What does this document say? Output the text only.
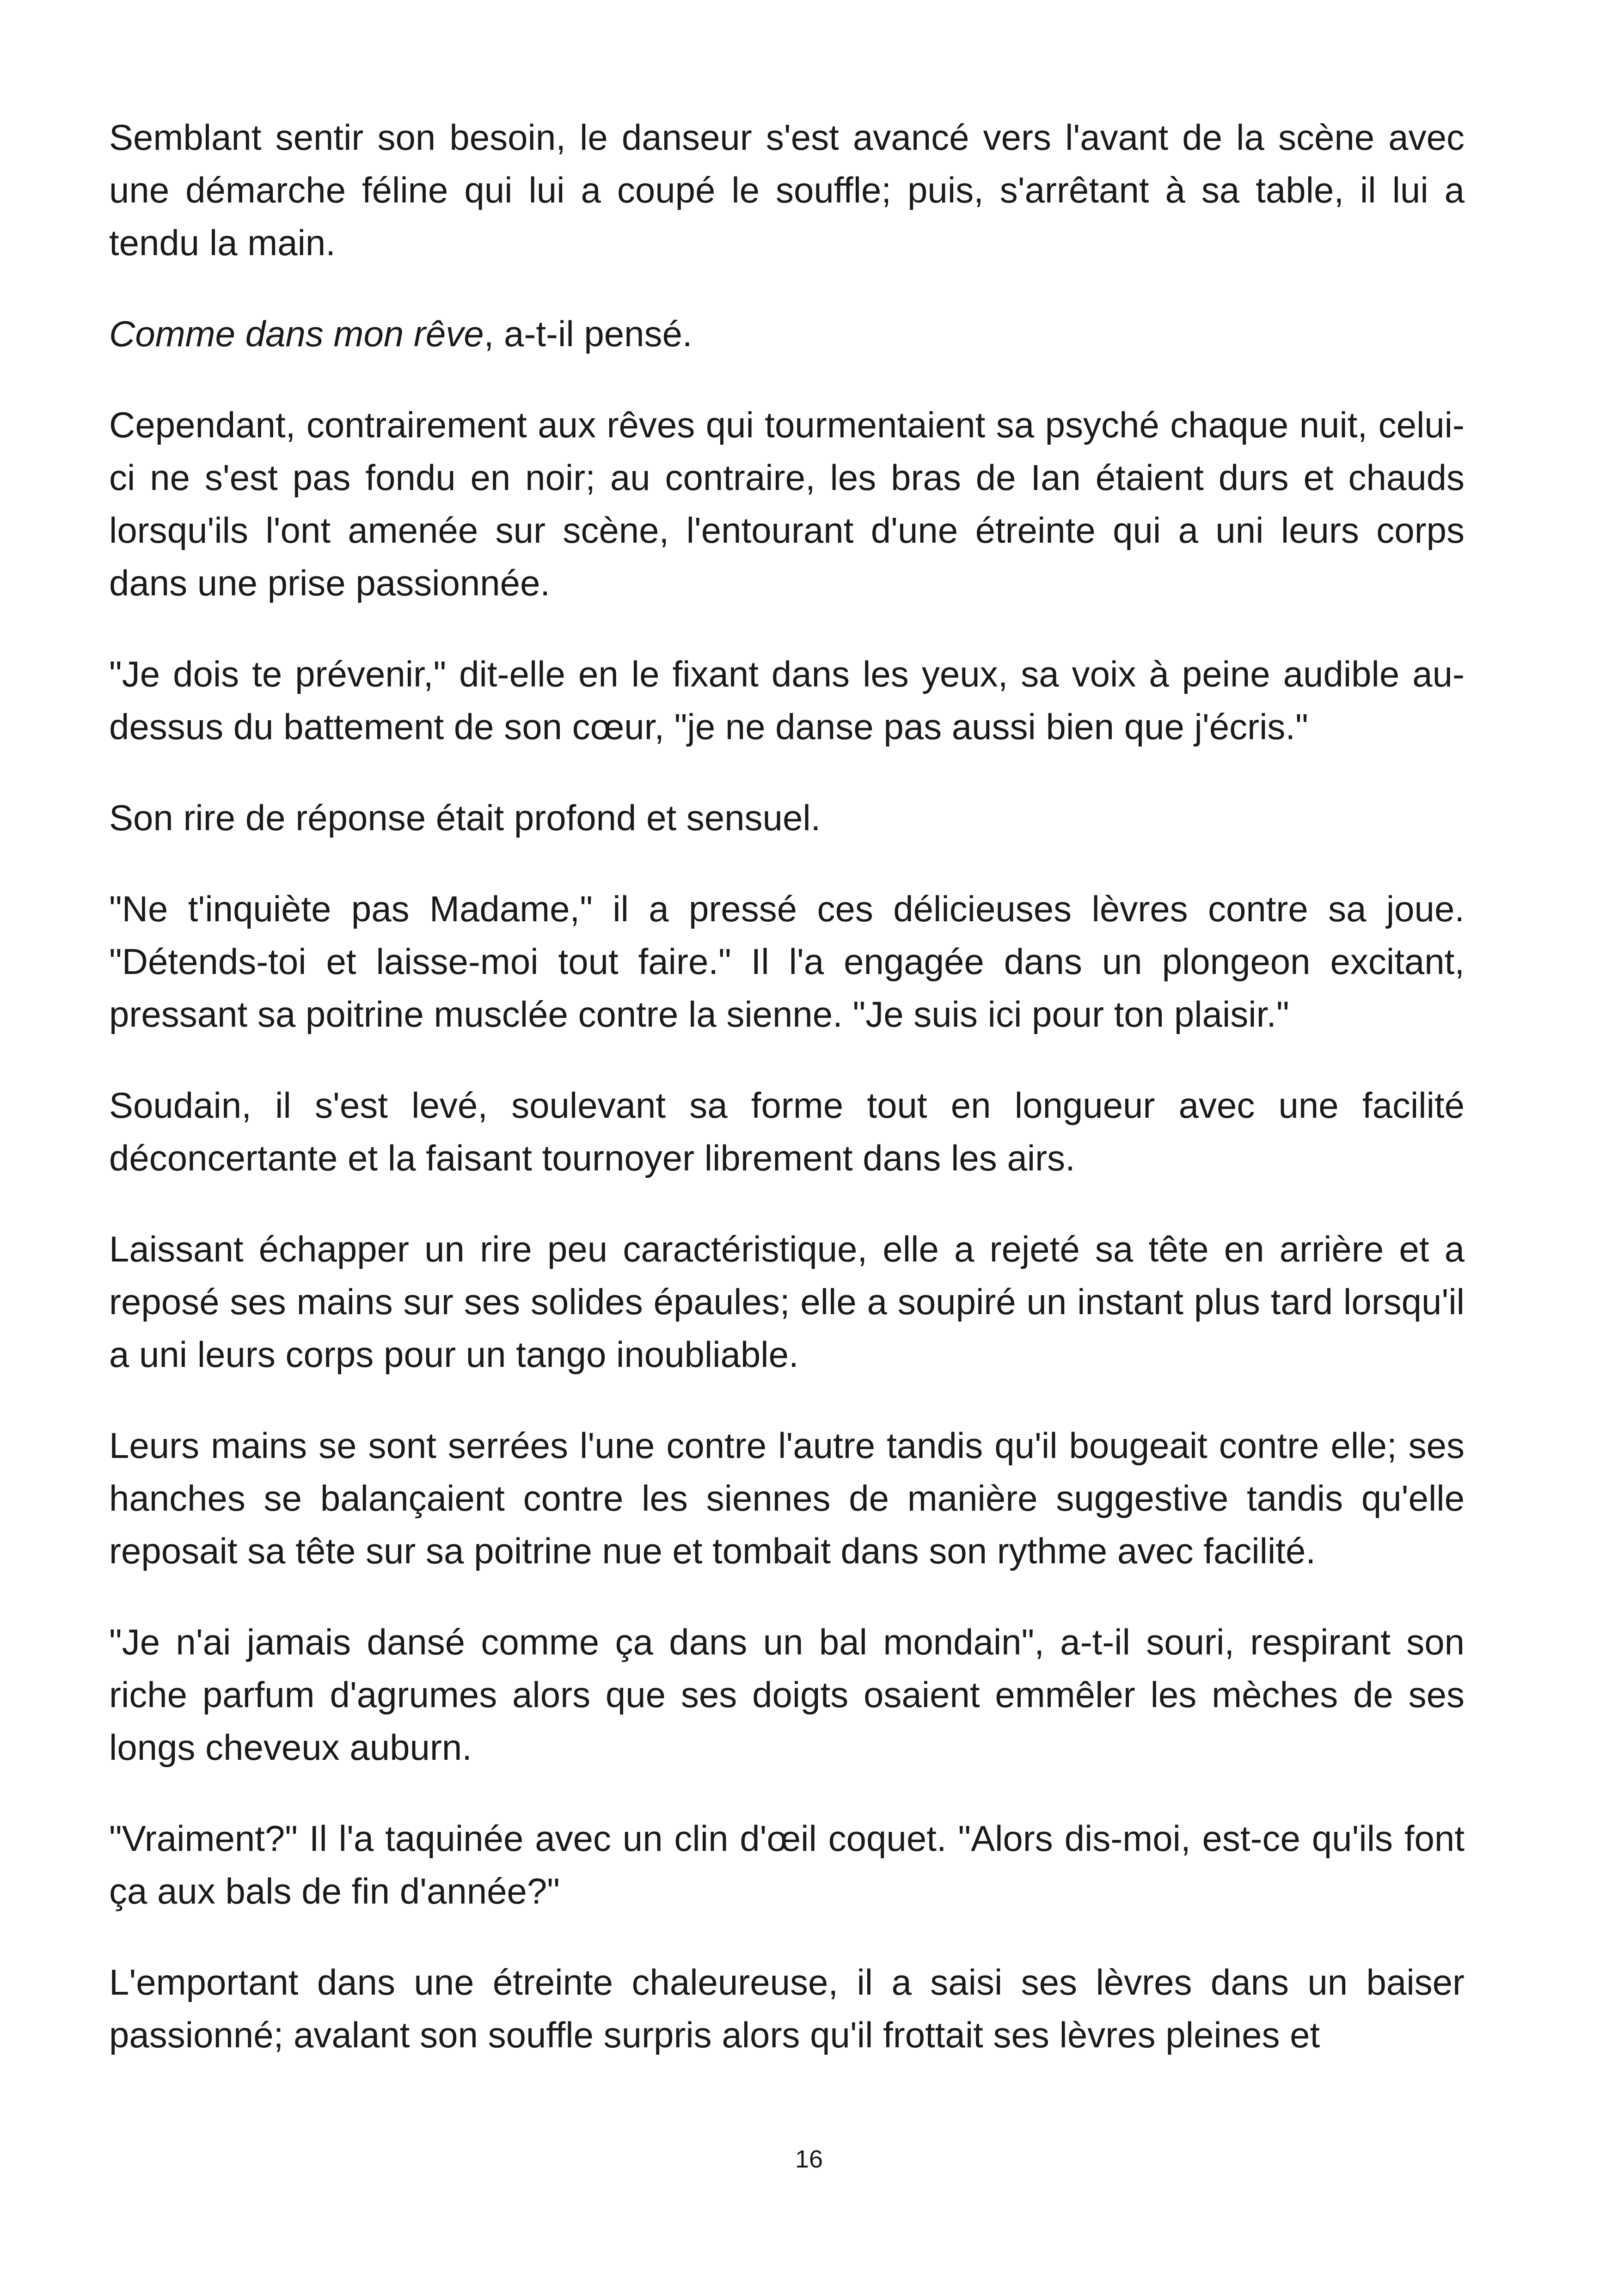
Semblant sentir son besoin, le danseur s'est avancé vers l'avant de la scène avec une démarche féline qui lui a coupé le souffle; puis, s'arrêtant à sa table, il lui a tendu la main.

Comme dans mon rêve, a-t-il pensé.

Cependant, contrairement aux rêves qui tourmentaient sa psyché chaque nuit, celui-ci ne s'est pas fondu en noir; au contraire, les bras de Ian étaient durs et chauds lorsqu'ils l'ont amenée sur scène, l'entourant d'une étreinte qui a uni leurs corps dans une prise passionnée.

"Je dois te prévenir," dit-elle en le fixant dans les yeux, sa voix à peine audible au-dessus du battement de son cœur, "je ne danse pas aussi bien que j'écris."

Son rire de réponse était profond et sensuel.

"Ne t'inquiète pas Madame," il a pressé ces délicieuses lèvres contre sa joue. "Détends-toi et laisse-moi tout faire." Il l'a engagée dans un plongeon excitant, pressant sa poitrine musclée contre la sienne. "Je suis ici pour ton plaisir."

Soudain, il s'est levé, soulevant sa forme tout en longueur avec une facilité déconcertante et la faisant tournoyer librement dans les airs.

Laissant échapper un rire peu caractéristique, elle a rejeté sa tête en arrière et a reposé ses mains sur ses solides épaules; elle a soupiré un instant plus tard lorsqu'il a uni leurs corps pour un tango inoubliable.

Leurs mains se sont serrées l'une contre l'autre tandis qu'il bougeait contre elle; ses hanches se balançaient contre les siennes de manière suggestive tandis qu'elle reposait sa tête sur sa poitrine nue et tombait dans son rythme avec facilité.

"Je n'ai jamais dansé comme ça dans un bal mondain", a-t-il souri, respirant son riche parfum d'agrumes alors que ses doigts osaient emmêler les mèches de ses longs cheveux auburn.

"Vraiment?" Il l'a taquinée avec un clin d'œil coquet. "Alors dis-moi, est-ce qu'ils font ça aux bals de fin d'année?"

L'emportant dans une étreinte chaleureuse, il a saisi ses lèvres dans un baiser passionné; avalant son souffle surpris alors qu'il frottait ses lèvres pleines et

16
